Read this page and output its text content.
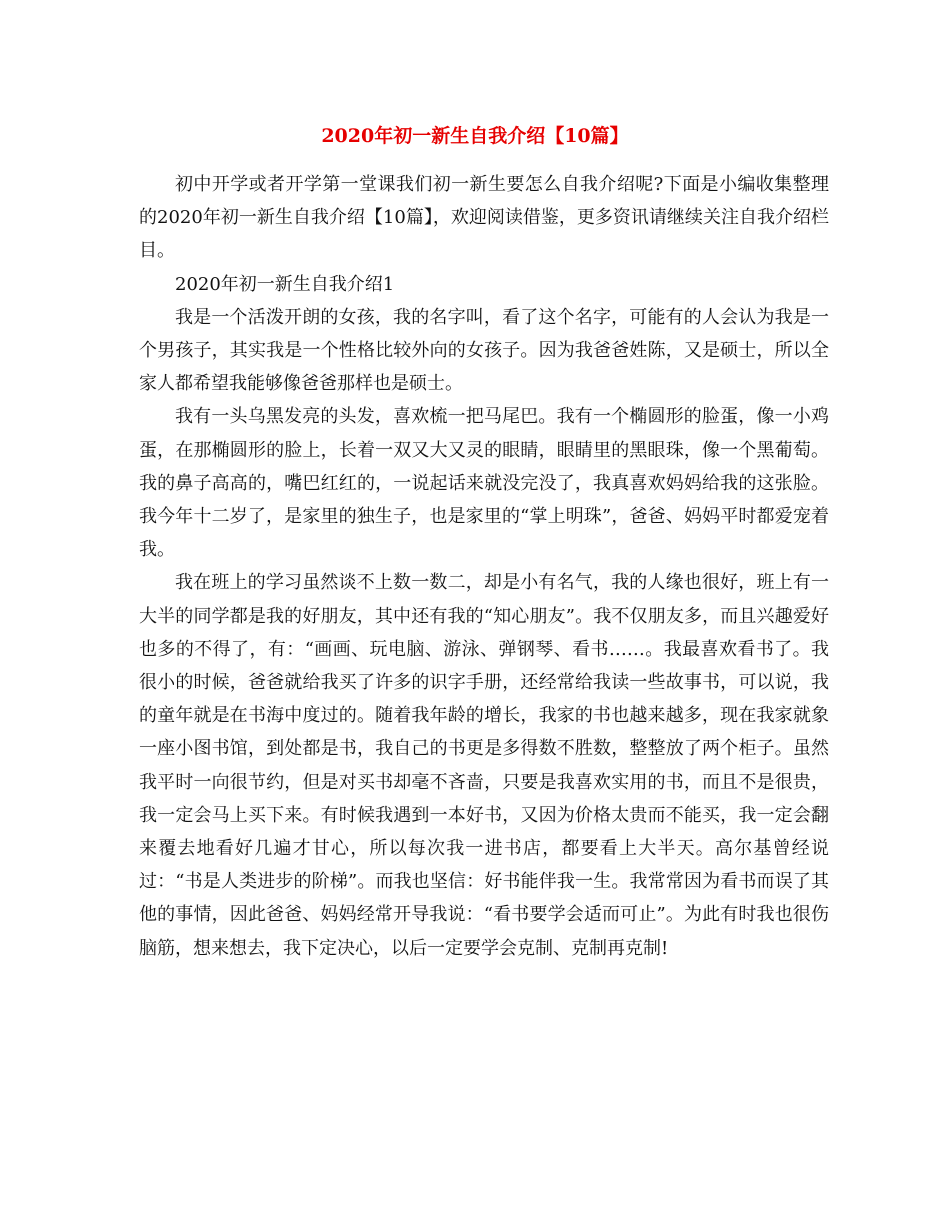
2020年初一新生自我介绍【10篇】

初中开学或者开学第一堂课我们初一新生要怎么自我介绍呢?下面是小编收集整理的2020年初一新生自我介绍【10篇】，欢迎阅读借鉴，更多资讯请继续关注自我介绍栏目。

2020年初一新生自我介绍1

我是一个活泼开朗的女孩，我的名字叫，看了这个名字，可能有的人会认为我是一个男孩子，其实我是一个性格比较外向的女孩子。因为我爸爸姓陈，又是硕士，所以全家人都希望我能够像爸爸那样也是硕士。

我有一头乌黑发亮的头发，喜欢梳一把马尾巴。我有一个椭圆形的脸蛋，像一小鸡蛋，在那椭圆形的脸上，长着一双又大又灵的眼睛，眼睛里的黑眼珠，像一个黑葡萄。我的鼻子高高的，嘴巴红红的，一说起话来就没完没了，我真喜欢妈妈给我的这张脸。我今年十二岁了，是家里的独生子，也是家里的“掌上明珠”，爸爸、妈妈平时都爱宠着我。

我在班上的学习虽然谈不上数一数二，却是小有名气，我的人缘也很好，班上有一大半的同学都是我的好朋友，其中还有我的“知心朋友”。我不仅朋友多，而且兴趣爱好也多的不得了，有：“画画、玩电脑、游泳、弹钢琴、看书……。我最喜欢看书了。我很小的时候，爸爸就给我买了许多的识字手册，还经常给我读一些故事书，可以说，我的童年就是在书海中度过的。随着我年龄的增长，我家的书也越来越多，现在我家就象一座小图书馆，到处都是书，我自己的书更是多得数不胜数，整整放了两个柜子。虽然我平时一向很节约，但是对买书却毫不吝啬，只要是我喜欢实用的书，而且不是很贵，我一定会马上买下来。有时候我遇到一本好书，又因为价格太贵而不能买，我一定会翻来覆去地看好几遍才甘心，所以每次我一进书店，都要看上大半天。高尔基曾经说过：“书是人类进步的阶梯”。而我也坚信：好书能伴我一生。我常常因为看书而误了其他的事情，因此爸爸、妈妈经常开导我说：“看书要学会适而可止”。为此有时我也很伤脑筋，想来想去，我下定决心，以后一定要学会克制、克制再克制!
